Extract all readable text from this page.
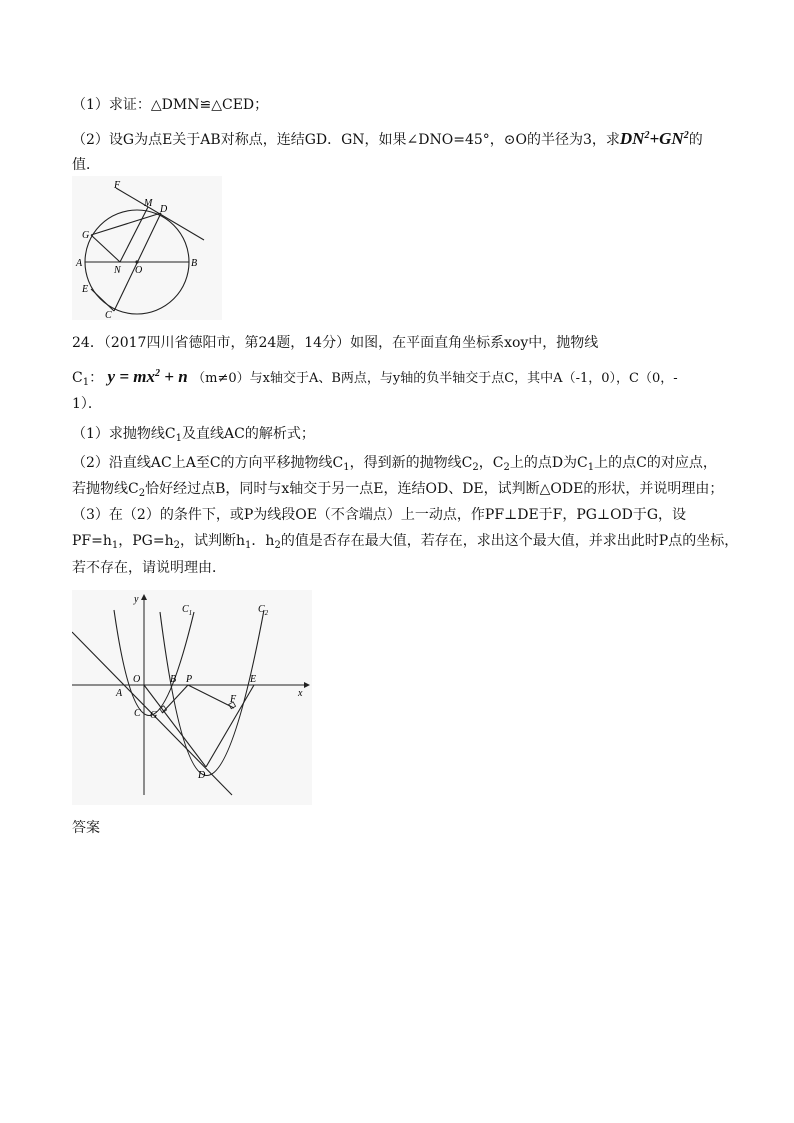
（1）求证：△DMN≌△CED；
（2）设G为点E关于AB对称点，连结GD．GN，如果∠DNO=45°，⊙O的半径为3，求$DN^2+GN^2$的
值．
F
M
D
G
A
N O
B
E
C
24．（2017四川省德阳市，第24题，14分）如图，在平面直角坐标系xoy中，抛物线
$C_1$： $y = mx^2 + n$ （m≠0）与x轴交于A、B两点，与y轴的负半轴交于点C，其中A（-1，0），C（0，-
1）．
（1）求抛物线$C_1$及直线AC的解析式；
（2）沿直线AC上A至C的方向平移抛物线$C_1$，得到新的抛物线$C_2$，$C_2$上的点D为$C_1$上的点C的对应点，
若抛物线$C_2$恰好经过点B，同时与x轴交于另一点E，连结OD、DE，试判断△ODE的形状，并说明理由；
（3）在（2）的条件下，或P为线段OE（不含端点）上一动点，作PF⊥DE于F，PG⊥OD于G，设
$PF=h_1$，$PG=h_2$，试判断$h_1$．$h_2$的值是否存在最大值，若存在，求出这个最大值，并求出此时P点的坐标，
若不存在，请说明理由．
y
x
$C_1$	$C_2$
A
O	B P	E
F
C G
D
答案
